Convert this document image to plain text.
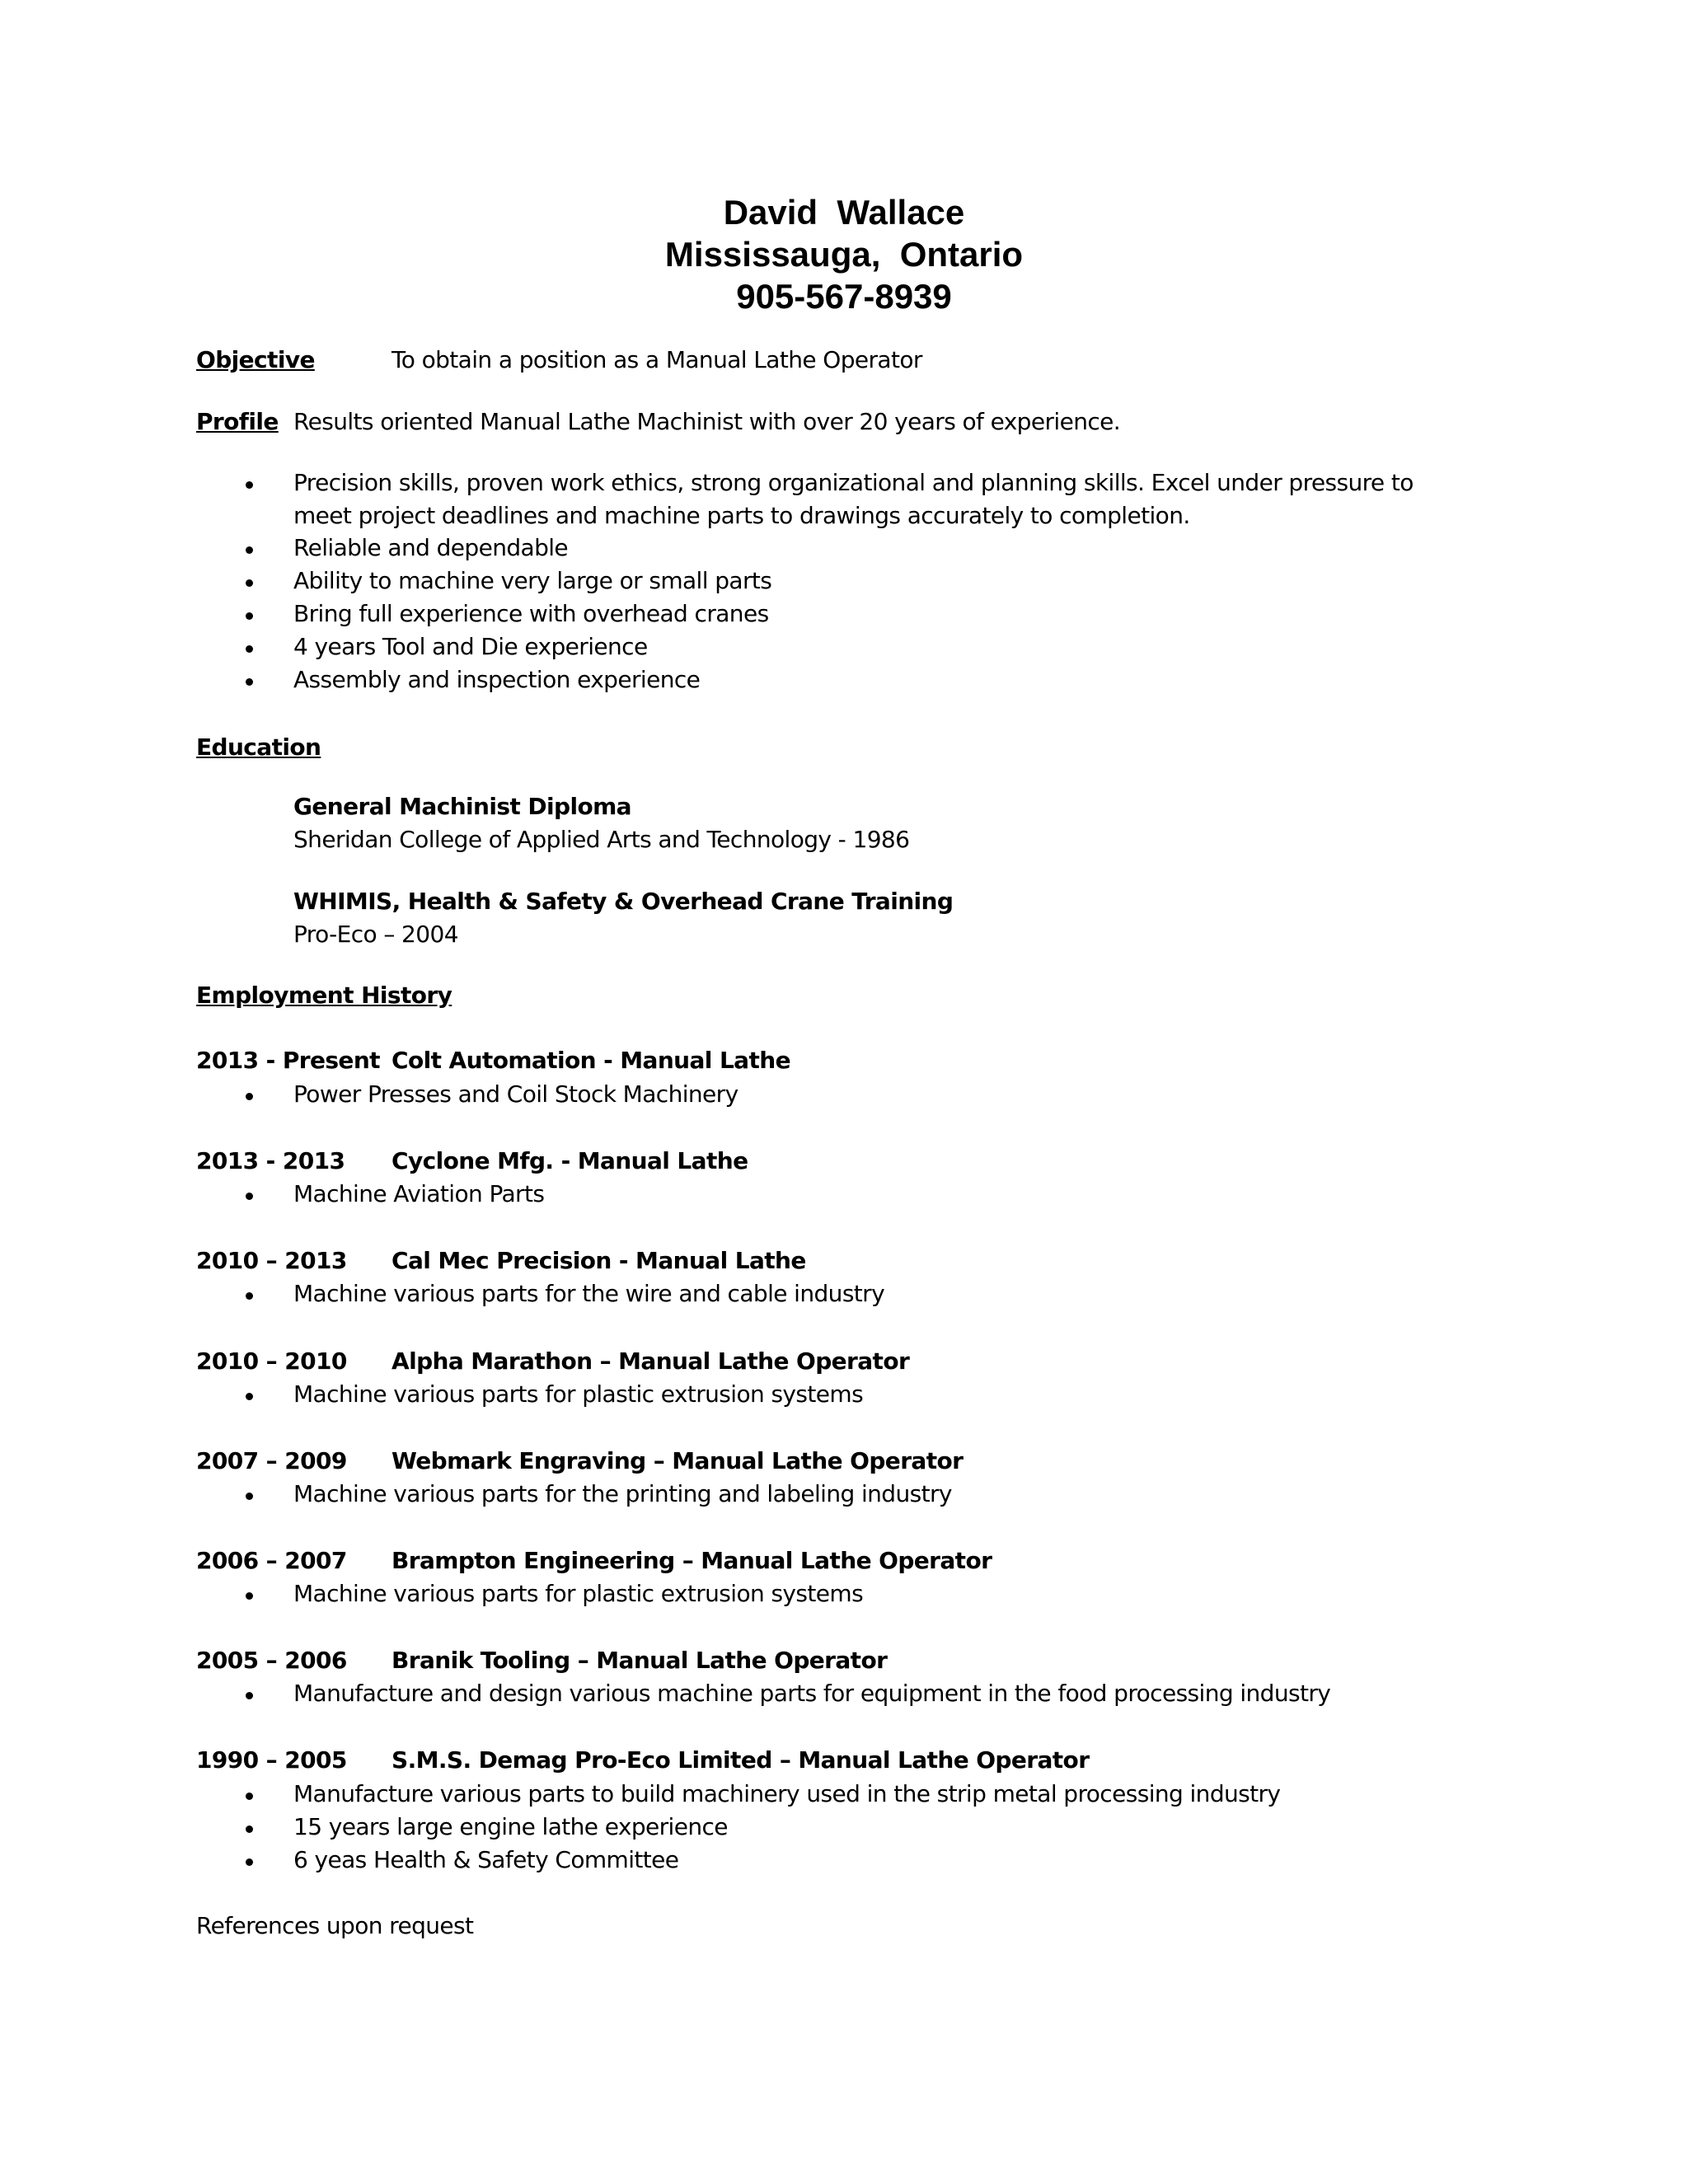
David  Wallace
Mississauga,  Ontario
905-567-8939
Objective	To obtain a position as a Manual Lathe Operator
Profile Results oriented Manual Lathe Machinist with over 20 years of experience.
Precision skills, proven work ethics, strong organizational and planning skills. Excel under pressure to
meet project deadlines and machine parts to drawings accurately to completion.
Reliable and dependable
Ability to machine very large or small parts
Bring full experience with overhead cranes
4 years Tool and Die experience
Assembly and inspection experience
Education
General Machinist Diploma
Sheridan College of Applied Arts and Technology - 1986
WHIMIS, Health & Safety & Overhead Crane Training
Pro-Eco – 2004
Employment History
2013 - Present Colt Automation - Manual Lathe
Power Presses and Coil Stock Machinery
2013 - 2013 Cyclone Mfg. - Manual Lathe
Machine Aviation Parts
2010 – 2013 Cal Mec Precision - Manual Lathe
Machine various parts for the wire and cable industry
2010 – 2010 Alpha Marathon – Manual Lathe Operator
Machine various parts for plastic extrusion systems
2007 – 2009 Webmark Engraving – Manual Lathe Operator
Machine various parts for the printing and labeling industry
2006 – 2007 Brampton Engineering – Manual Lathe Operator
Machine various parts for plastic extrusion systems
2005 – 2006 Branik Tooling – Manual Lathe Operator
Manufacture and design various machine parts for equipment in the food processing industry
1990 – 2005 S.M.S. Demag Pro-Eco Limited – Manual Lathe Operator
Manufacture various parts to build machinery used in the strip metal processing industry
15 years large engine lathe experience
6 yeas Health & Safety Committee
References upon request
